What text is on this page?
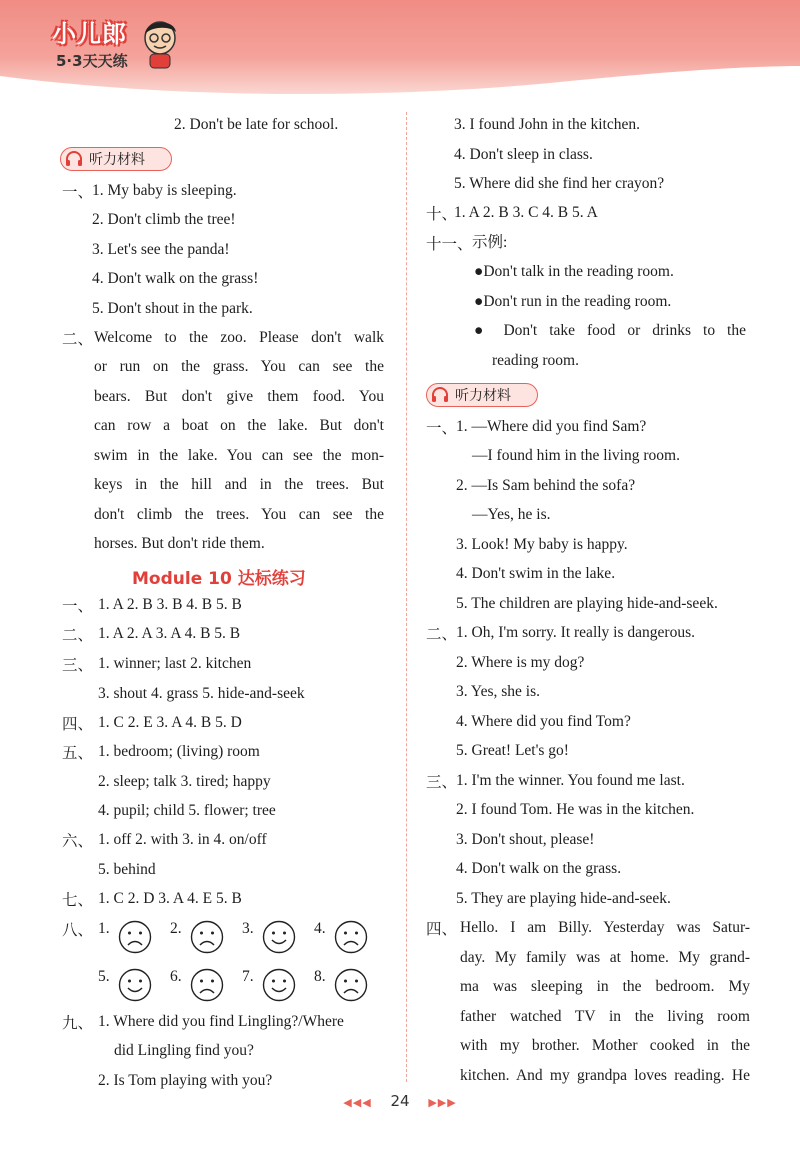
小儿郎
5·3天天练
2. Don't be late for school.
听力材料
一、
1. My baby is sleeping.
2. Don't climb the tree!
3. Let's see the panda!
4. Don't walk on the grass!
5. Don't shout in the park.
二、 Welcome to the zoo. Please don't walk
or run on the grass. You can see the
bears. But don't give them food. You
can row a boat on the lake. But don't
swim in the lake. You can see the mon-
keys in the hill and in the trees. But
don't climb the trees. You can see the
horses. But don't ride them.
Module 10 达标练习
一、 1. A 2. B 3. B 4. B 5. B
二、 1. A 2. A 3. A 4. B 5. B
三、 1. winner; last 2. kitchen
3. shout 4. grass 5. hide-and-seek
四、 1. C 2. E 3. A 4. B 5. D
五、 1. bedroom; (living) room
2. sleep; talk 3. tired; happy
4. pupil; child 5. flower; tree
六、 1. off 2. with 3. in 4. on/off
5. behind
七、 1. C 2. D 3. A 4. E 5. B
八、 1.	2.	3.	4.
5.	6.	7.	8.
九、 1. Where did you find Lingling?/Where
did Lingling find you?
2. Is Tom playing with you?
3. I found John in the kitchen.
4. Don't sleep in class.
5. Where did she find her crayon?
十、
1. A 2. B 3. C 4. B 5. A
十一、 示例:
●Don't talk in the reading room.
●Don't run in the reading room.
● Don't take food or drinks to the
reading room.
听力材料
一、
1. —Where did you find Sam?
—I found him in the living room.
2. —Is Sam behind the sofa?
—Yes, he is.
3. Look! My baby is happy.
4. Don't swim in the lake.
5. The children are playing hide-and-seek.
二、
1. Oh, I'm sorry. It really is dangerous.
2. Where is my dog?
3. Yes, she is.
4. Where did you find Tom?
5. Great! Let's go!
三、
1. I'm the winner. You found me last.
2. I found Tom. He was in the kitchen.
3. Don't shout, please!
4. Don't walk on the grass.
5. They are playing hide-and-seek.
四、 Hello. I am Billy. Yesterday was Satur-
day. My family was at home. My grand-
ma was sleeping in the bedroom. My
father watched TV in the living room
with my brother. Mother cooked in the
kitchen. And my grandpa loves reading. He
◀◀◀ 24 ▶▶▶
